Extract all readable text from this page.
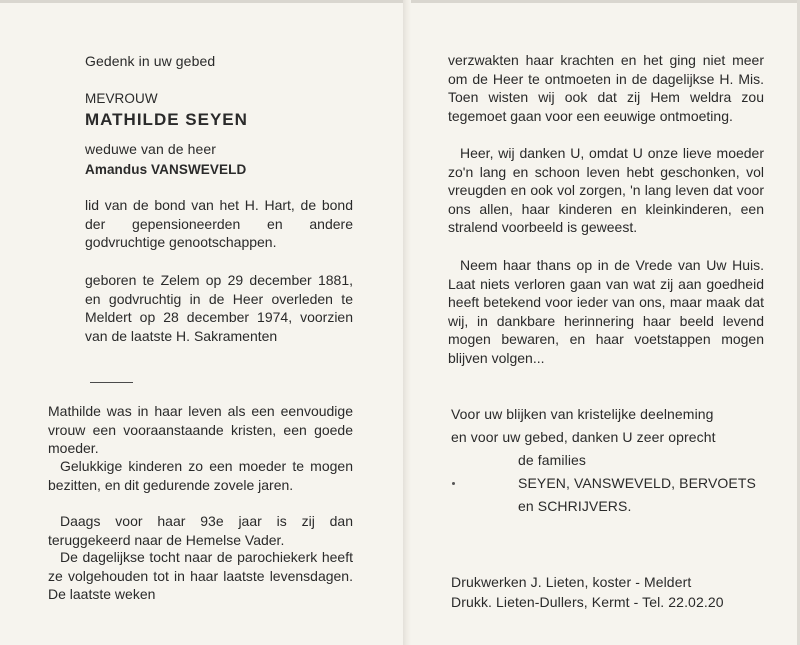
Gedenk in uw gebed
MEVROUW
MATHILDE SEYEN
weduwe van de heer
Amandus VANSWEVELD
lid van de bond van het H. Hart, de bond der gepensioneerden en andere godvruchtige genootschappen.
geboren te Zelem op 29 december 1881, en godvruchtig in de Heer overleden te Meldert op 28 december 1974, voorzien van de laatste H. Sakramenten
Mathilde was in haar leven als een eenvoudige vrouw een vooraanstaande kristen, een goede moeder.
Gelukkige kinderen zo een moeder te mogen bezitten, en dit gedurende zovele jaren.
Daags voor haar 93e jaar is zij dan teruggekeerd naar de Hemelse Vader.
De dagelijkse tocht naar de parochiekerk heeft ze volgehouden tot in haar laatste levensdagen. De laatste weken
verzwakten haar krachten en het ging niet meer om de Heer te ontmoeten in de dagelijkse H. Mis. Toen wisten wij ook dat zij Hem weldra zou tegemoet gaan voor een eeuwige ontmoeting.
Heer, wij danken U, omdat U onze lieve moeder zo'n lang en schoon leven hebt geschonken, vol vreugden en ook vol zorgen, 'n lang leven dat voor ons allen, haar kinderen en kleinkinderen, een stralend voorbeeld is geweest.
Neem haar thans op in de Vrede van Uw Huis. Laat niets verloren gaan van wat zij aan goedheid heeft betekend voor ieder van ons, maar maak dat wij, in dankbare herinnering haar beeld levend mogen bewaren, en haar voetstappen mogen blijven volgen...
Voor uw blijken van kristelijke deelneming
en voor uw gebed, danken U zeer oprecht
de families
SEYEN, VANSWEVELD, BERVOETS
en SCHRIJVERS.
Drukwerken J. Lieten, koster - Meldert
Drukk. Lieten-Dullers, Kermt - Tel. 22.02.20
